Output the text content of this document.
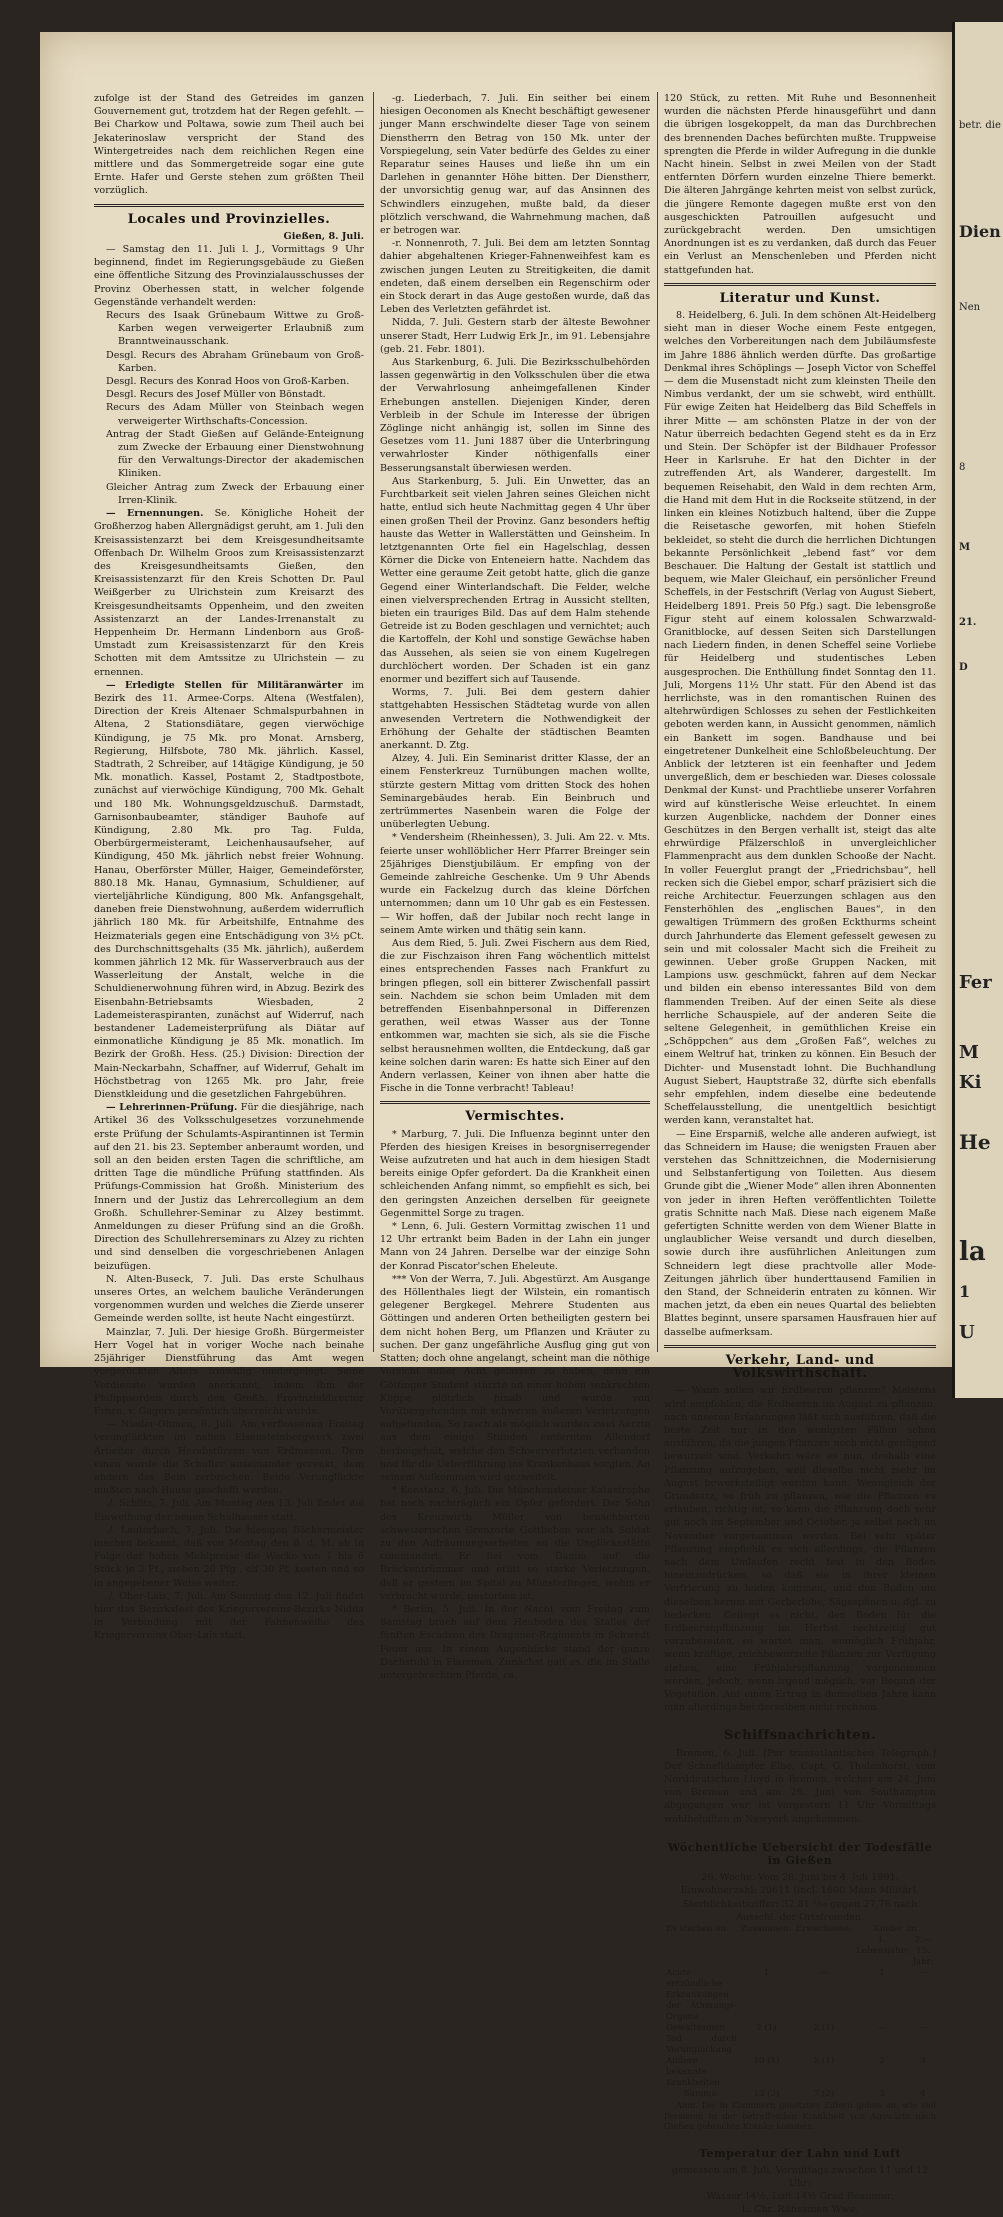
zufolge ist der Stand des Getreides im ganzen Gouvernement gut, trotzdem hat der Regen gefehlt. — Bei Charkow und Poltawa, sowie zum Theil auch bei Jekaterinoslaw verspricht der Stand des Wintergetreides nach dem reichlichen Regen eine mittlere und das Sommergetreide sogar eine gute Ernte. Hafer und Gerste stehen zum größten Theil vorzüglich.

Locales und Provinzielles.

Gießen, 8. Juli.

— Samstag den 11. Juli l. J., Vormittags 9 Uhr beginnend, findet im Regierungsgebäude zu Gießen eine öffentliche Sitzung des Provinzialausschusses der Provinz Oberhessen statt, in welcher folgende Gegenstände verhandelt werden:

Recurs des Isaak Grünebaum Wittwe zu Groß-Karben wegen verweigerter Erlaubniß zum Branntweinausschank.

Desgl. Recurs des Abraham Grünebaum von Groß-Karben.

Desgl. Recurs des Konrad Hoos von Groß-Karben.

Desgl. Recurs des Josef Müller von Bönstadt.

Recurs des Adam Müller von Steinbach wegen verweigerter Wirthschafts-Concession.

Antrag der Stadt Gießen auf Gelände-Enteignung zum Zwecke der Erbauung einer Dienstwohnung für den Verwaltungs-Director der akademischen Kliniken.

Gleicher Antrag zum Zweck der Erbauung einer Irren-Klinik.

— Ernennungen. Se. Königliche Hoheit der Großherzog haben Allergnädigst geruht, am 1. Juli den Kreisassistenzarzt bei dem Kreisgesundheitsamte Offenbach Dr. Wilhelm Groos zum Kreisassistenzarzt des Kreisgesundheitsamts Gießen, den Kreisassistenzarzt für den Kreis Schotten Dr. Paul Weißgerber zu Ulrichstein zum Kreisarzt des Kreisgesundheitsamts Oppenheim, und den zweiten Assistenzarzt an der Landes-Irrenanstalt zu Heppenheim Dr. Hermann Lindenborn aus Groß-Umstadt zum Kreisassistenzarzt für den Kreis Schotten mit dem Amtssitze zu Ulrichstein — zu ernennen.

— Erledigte Stellen für Militäranwärter im Bezirk des 11. Armee-Corps. Altena (Westfalen), Direction der Kreis Altenaer Schmalspurbahnen in Altena, 2 Stationsdiätare, gegen vierwöchige Kündigung, je 75 Mk. pro Monat. Arnsberg, Regierung, Hilfsbote, 780 Mk. jährlich. Kassel, Stadtrath, 2 Schreiber, auf 14tägige Kündigung, je 50 Mk. monatlich. Kassel, Postamt 2, Stadtpostbote, zunächst auf vierwöchige Kündigung, 700 Mk. Gehalt und 180 Mk. Wohnungsgeldzuschuß. Darmstadt, Garnisonbaubeamter, ständiger Bauhofe auf Kündigung, 2.80 Mk. pro Tag. Fulda, Oberbürgermeisteramt, Leichenhausaufseher, auf Kündigung, 450 Mk. jährlich nebst freier Wohnung. Hanau, Oberförster Müller, Haiger, Gemeindeförster, 880.18 Mk. Hanau, Gymnasium, Schuldiener, auf vierteljährliche Kündigung, 800 Mk. Anfangsgehalt, daneben freie Dienstwohnung, außerdem widerruflich jährlich 180 Mk. für Arbeitshilfe, Entnahme des Heizmaterials gegen eine Entschädigung von 3½ pCt. des Durchschnittsgehalts (35 Mk. jährlich), außerdem kommen jährlich 12 Mk. für Wasserverbrauch aus der Wasserleitung der Anstalt, welche in die Schuldienerwohnung führen wird, in Abzug. Bezirk des Eisenbahn-Betriebsamts Wiesbaden, 2 Lademeisteraspiranten, zunächst auf Widerruf, nach bestandener Lademeisterprüfung als Diätar auf einmonatliche Kündigung je 85 Mk. monatlich. Im Bezirk der Großh. Hess. (25.) Division: Direction der Main-Neckarbahn, Schaffner, auf Widerruf, Gehalt im Höchstbetrag von 1265 Mk. pro Jahr, freie Dienstkleidung und die gesetzlichen Fahrgebühren.

— Lehrerinnen-Prüfung. Für die diesjährige, nach Artikel 36 des Volksschulgesetzes vorzunehmende erste Prüfung der Schulamts-Aspirantinnen ist Termin auf den 21. bis 23. September anberaumt worden, und soll an den beiden ersten Tagen die schriftliche, am dritten Tage die mündliche Prüfung stattfinden. Als Prüfungs-Commission hat Großh. Ministerium des Innern und der Justiz das Lehrercollegium an dem Großh. Schullehrer-Seminar zu Alzey bestimmt. Anmeldungen zu dieser Prüfung sind an die Großh. Direction des Schullehrerseminars zu Alzey zu richten und sind denselben die vorgeschriebenen Anlagen beizufügen.

N. Alten-Buseck, 7. Juli. Das erste Schulhaus unseres Ortes, an welchem bauliche Veränderungen vorgenommen wurden und welches die Zierde unserer Gemeinde werden sollte, ist heute Nacht eingestürzt.

Mainzlar, 7. Juli. Der hiesige Großh. Bürgermeister Herr Vogel hat in voriger Woche nach beinahe 25jähriger Dienstführung das Amt wegen vorgerückten Alters freiwillig niedergelegt. Seine Verdienste wurden anerkannt, indem ihm der Philippsorden durch den Großh. Provinzialdirector Frhrn. v. Gagern persönlich überreicht wurde.

— Nieder-Ohmen, 6. Juli. Am verflossenen Freitag verunglückten im nahen Eisensteinbergwerk zwei Arbeiter durch Herabstürzen von Erdmassen. Dem einen wurde die Schulter auseinander gerenkt, dem andern das Bein zerbrochen. Beide Verunglückte mußten nach Hause geschafft werden.

./. Schlitz, 7. Juli. Am Montag den 13. Juli findet die Einweihung der neuen Schulhauses statt.

./. Lauterbach, 7. Juli. Die hiesigen Bäckermeister machen bekannt, daß von Montag den 6. d. M. ab in Folge der hohen Mehlpreise die Wecke von 1 bis 6 Stück je 3 Pf., sieben 20 Pfg., elf 30 Pf. kosten und so in angegebener Weise weiter.

./. Ober-Lais, 7. Juli. Am Sonntag den 12. Juli findet hier das Bezirksfest des Kriegervereins-Bezirks Nidda in Verbindung mit der Fahnenweihe des Kriegervereins Ober-Lais statt.

-g. Liederbach, 7. Juli. Ein seither bei einem hiesigen Oeconomen als Knecht beschäftigt gewesener junger Mann erschwindelte dieser Tage von seinem Dienstherrn den Betrag von 150 Mk. unter der Vorspiegelung, sein Vater bedürfe des Geldes zu einer Reparatur seines Hauses und ließe ihn um ein Darlehen in genannter Höhe bitten. Der Dienstherr, der unvorsichtig genug war, auf das Ansinnen des Schwindlers einzugehen, mußte bald, da dieser plötzlich verschwand, die Wahrnehmung machen, daß er betrogen war.

-r. Nonnenroth, 7. Juli. Bei dem am letzten Sonntag dahier abgehaltenen Krieger-Fahnenweihfest kam es zwischen jungen Leuten zu Streitigkeiten, die damit endeten, daß einem derselben ein Regenschirm oder ein Stock derart in das Auge gestoßen wurde, daß das Leben des Verletzten gefährdet ist.

Nidda, 7. Juli. Gestern starb der älteste Bewohner unserer Stadt, Herr Ludwig Erk Jr., im 91. Lebensjahre (geb. 21. Febr. 1801).

Aus Starkenburg, 6. Juli. Die Bezirksschulbehörden lassen gegenwärtig in den Volksschulen über die etwa der Verwahrlosung anheimgefallenen Kinder Erhebungen anstellen. Diejenigen Kinder, deren Verbleib in der Schule im Interesse der übrigen Zöglinge nicht anhängig ist, sollen im Sinne des Gesetzes vom 11. Juni 1887 über die Unterbringung verwahrloster Kinder nöthigenfalls einer Besserungsanstalt überwiesen werden.

Aus Starkenburg, 5. Juli. Ein Unwetter, das an Furchtbarkeit seit vielen Jahren seines Gleichen nicht hatte, entlud sich heute Nachmittag gegen 4 Uhr über einen großen Theil der Provinz. Ganz besonders heftig hauste das Wetter in Wallerstätten und Geinsheim. In letztgenannten Orte fiel ein Hagelschlag, dessen Körner die Dicke von Enteneiern hatte. Nachdem das Wetter eine geraume Zeit getobt hatte, glich die ganze Gegend einer Winterlandschaft. Die Felder, welche einen vielversprechenden Ertrag in Aussicht stellten, bieten ein trauriges Bild. Das auf dem Halm stehende Getreide ist zu Boden geschlagen und vernichtet; auch die Kartoffeln, der Kohl und sonstige Gewächse haben das Aussehen, als seien sie von einem Kugelregen durchlöchert worden. Der Schaden ist ein ganz enormer und beziffert sich auf Tausende.

Worms, 7. Juli. Bei dem gestern dahier stattgehabten Hessischen Städtetag wurde von allen anwesenden Vertretern die Nothwendigkeit der Erhöhung der Gehalte der städtischen Beamten anerkannt. D. Ztg.

Alzey, 4. Juli. Ein Seminarist dritter Klasse, der an einem Fensterkreuz Turnübungen machen wollte, stürzte gestern Mittag vom dritten Stock des hohen Seminargebäudes herab. Ein Beinbruch und zertrümmertes Nasenbein waren die Folge der unüberlegten Uebung.

* Vendersheim (Rheinhessen), 3. Juli. Am 22. v. Mts. feierte unser wohllöblicher Herr Pfarrer Breinger sein 25jähriges Dienstjubiläum. Er empfing von der Gemeinde zahlreiche Geschenke. Um 9 Uhr Abends wurde ein Fackelzug durch das kleine Dörfchen unternommen; dann um 10 Uhr gab es ein Festessen. — Wir hoffen, daß der Jubilar noch recht lange in seinem Amte wirken und thätig sein kann.

Aus dem Ried, 5. Juli. Zwei Fischern aus dem Ried, die zur Fischzaison ihren Fang wöchentlich mittelst eines entsprechenden Fasses nach Frankfurt zu bringen pflegen, soll ein bitterer Zwischenfall passirt sein. Nachdem sie schon beim Umladen mit dem betreffenden Eisenbahnpersonal in Differenzen gerathen, weil etwas Wasser aus der Tonne entkommen war, machten sie sich, als sie die Fische selbst herausnehmen wollten, die Entdeckung, daß gar keine solchen darin waren: Es hatte sich Einer auf den Andern verlassen, Keiner von ihnen aber hatte die Fische in die Tonne verbracht! Tableau!

Vermischtes.

* Marburg, 7. Juli. Die Influenza beginnt unter den Pferden des hiesigen Kreises in besorgniserregender Weise aufzutreten und hat auch in dem hiesigen Stadt bereits einige Opfer gefordert. Da die Krankheit einen schleichenden Anfang nimmt, so empfiehlt es sich, bei den geringsten Anzeichen derselben für geeignete Gegenmittel Sorge zu tragen.

* Lenn, 6. Juli. Gestern Vormittag zwischen 11 und 12 Uhr ertrankt beim Baden in der Lahn ein junger Mann von 24 Jahren. Derselbe war der einzige Sohn der Konrad Piscator'schen Eheleute.

*** Von der Werra, 7. Juli. Abgestürzt. Am Ausgange des Höllenthales liegt der Wilstein, ein romantisch gelegener Bergkegel. Mehrere Studenten aus Göttingen und anderen Orten betheiligten gestern bei dem nicht hohen Berg, um Pflanzen und Kräuter zu suchen. Der ganz ungefährliche Ausflug ging gut von Statten; doch ohne angelangt, scheint man die nöthige Vorsicht außer Acht gelassen zu haben, denn ein Göttinger Student stürzte an einer hohen senkrechten Klippe plötzlich hinab und wurde von Vorübergehenden mit schweren äußeren Verletzungen aufgefunden. So rasch als möglich wurden zwei Aerzte aus dem einige Stunden entfernten Allendorf herbeigeholt, welche den Schwerverletzten verbanden und für die Ueberführung ins Krankenhaus sorgten. An seinem Aufkommen wird gezweifelt.

* Konstanz, 6. Juli. Die Münchensteiner Katastrophe hat noch nachträglich ein Opfer gefordert. Der Sohn des Kreuzwirth Müller von benachbarten schweizerischen Grenzorte Gottlieben war als Soldat zu den Aufräumungsarbeiten an die Unglücksstätte commandirt. Er fiel vom Damm auf die Brückentrümmer und erlitt so starke Verletzungen, daß er gestern im Spital zu Münsterlingen, wohin er verbracht wurde, gestorben ist.

* Berlin, 5. Juli. In der Nacht vom Freitag zum Samstag brach auf dem Heuboden des Stalles der fünften Escadron des Dragoner-Regiments in Schwedt Feuer aus. In einem Augenblicke stand der ganze Dachstuhl in Flammen. Zunächst galt es, die im Stalle untergebrachten Pferde, ca.

120 Stück, zu retten. Mit Ruhe und Besonnenheit wurden die nächsten Pferde hinausgeführt und dann die übrigen losgekoppelt, da man das Durchbrechen des brennenden Daches befürchten mußte. Truppweise sprengten die Pferde in wilder Aufregung in die dunkle Nacht hinein. Selbst in zwei Meilen von der Stadt entfernten Dörfern wurden einzelne Thiere bemerkt. Die älteren Jahrgänge kehrten meist von selbst zurück, die jüngere Remonte dagegen mußte erst von den ausgeschickten Patrouillen aufgesucht und zurückgebracht werden. Den umsichtigen Anordnungen ist es zu verdanken, daß durch das Feuer ein Verlust an Menschenleben und Pferden nicht stattgefunden hat.

Literatur und Kunst.

8. Heidelberg, 6. Juli. In dem schönen Alt-Heidelberg sieht man in dieser Woche einem Feste entgegen, welches den Vorbereitungen nach dem Jubiläumsfeste im Jahre 1886 ähnlich werden dürfte. Das großartige Denkmal ihres Schöplings — Joseph Victor von Scheffel — dem die Musenstadt nicht zum kleinsten Theile den Nimbus verdankt, der um sie schwebt, wird enthüllt. Für ewige Zeiten hat Heidelberg das Bild Scheffels in ihrer Mitte — am schönsten Platze in der von der Natur überreich bedachten Gegend steht es da in Erz und Stein. Der Schöpfer ist der Bildhauer Professor Heer in Karlsruhe. Er hat den Dichter in der zutreffenden Art, als Wanderer, dargestellt. Im bequemen Reisehabit, den Wald in dem rechten Arm, die Hand mit dem Hut in die Rockseite stützend, in der linken ein kleines Notizbuch haltend, über die Zuppe die Reisetasche geworfen, mit hohen Stiefeln bekleidet, so steht die durch die herrlichen Dichtungen bekannte Persönlichkeit „lebend fast“ vor dem Beschauer. Die Haltung der Gestalt ist stattlich und bequem, wie Maler Gleichauf, ein persönlicher Freund Scheffels, in der Festschrift (Verlag von August Siebert, Heidelberg 1891. Preis 50 Pfg.) sagt. Die lebensgroße Figur steht auf einem kolossalen Schwarzwald-Granitblocke, auf dessen Seiten sich Darstellungen nach Liedern finden, in denen Scheffel seine Vorliebe für Heidelberg und studentisches Leben ausgesprochen. Die Enthüllung findet Sonntag den 11. Juli, Morgens 11½ Uhr statt. Für den Abend ist das herrlichste, was in den romantischen Ruinen des altehrwürdigen Schlosses zu sehen der Festlichkeiten geboten werden kann, in Aussicht genommen, nämlich ein Bankett im sogen. Bandhause und bei eingetretener Dunkelheit eine Schloßbeleuchtung. Der Anblick der letzteren ist ein feenhafter und Jedem unvergeßlich, dem er beschieden war. Dieses colossale Denkmal der Kunst- und Prachtliebe unserer Vorfahren wird auf künstlerische Weise erleuchtet. In einem kurzen Augenblicke, nachdem der Donner eines Geschützes in den Bergen verhallt ist, steigt das alte ehrwürdige Pfälzerschloß in unvergleichlicher Flammenpracht aus dem dunklen Schooße der Nacht. In voller Feuerglut prangt der „Friedrichsbau“, hell recken sich die Giebel empor, scharf präzisiert sich die reiche Architectur. Feuerzungen schlagen aus den Fensterhöhlen des „englischen Baues“, in den gewaltigen Trümmern des großen Eckthurms scheint durch Jahrhunderte das Element gefesselt gewesen zu sein und mit colossaler Macht sich die Freiheit zu gewinnen. Ueber große Gruppen Nacken, mit Lampions usw. geschmückt, fahren auf dem Neckar und bilden ein ebenso interessantes Bild von dem flammenden Treiben. Auf der einen Seite als diese herrliche Schauspiele, auf der anderen Seite die seltene Gelegenheit, in gemüthlichen Kreise ein „Schöppchen“ aus dem „Großen Faß“, welches zu einem Weltruf hat, trinken zu können. Ein Besuch der Dichter- und Musenstadt lohnt. Die Buchhandlung August Siebert, Hauptstraße 32, dürfte sich ebenfalls sehr empfehlen, indem dieselbe eine bedeutende Scheffelausstellung, die unentgeltlich besichtigt werden kann, veranstaltet hat.

— Eine Ersparniß, welche alle anderen aufwiegt, ist das Schneidern im Hause; die wenigsten Frauen aber verstehen das Schnittzeichnen, die Modernisierung und Selbstanfertigung von Toiletten. Aus diesem Grunde gibt die „Wiener Mode“ allen ihren Abonnenten von jeder in ihren Heften veröffentlichten Toilette gratis Schnitte nach Maß. Diese nach eigenem Maße gefertigten Schnitte werden von dem Wiener Blatte in unglaublicher Weise versandt und durch dieselben, sowie durch ihre ausführlichen Anleitungen zum Schneidern legt diese prachtvolle aller Mode-Zeitungen jährlich über hunderttausend Familien in den Stand, der Schneiderin entraten zu können. Wir machen jetzt, da eben ein neues Quartal des beliebten Blattes beginnt, unsere sparsamen Hausfrauen hier auf dasselbe aufmerksam.

Verkehr, Land- und Volkswirthschaft.

— Wann sollen wir Erdbeeren pflanzen? Meistens wird empfohlen, die Erdbeeren im August zu pflanzen, nach unseren Erfahrungen läßt sich ausführen, daß die beste Zeit nur in den wenigsten Fällen schon ausführen, da die jungen Pflanzen noch nicht genügend bewurzelt sind. Verkehrt wäre es nun, deshalb eine Pflanzung aufzugeben, weil dieselbe nicht mehr im August bewerkstelligt werden kann. Wenngleich der Grundsatz, so früh zu pflanzen, wie die Pflanzen es erlauben, richtig ist, so kann die Pflanzung doch sehr gut noch im September und October, ja selbst noch im November vorgenommen werden. Bei sehr später Pflanzung empfiehlt es sich allerdings, die Pflanzen nach dem Umlaufen recht fest in den Boden hineinzudrücken, so daß sie in ihrer kleinen Verfrierung zu leiden kommen, und den Boden um dieselben herum mit Gerberlohe, Sägespänen u. dgl. zu bedecken. Gelingt es nicht, den Boden für die Erdbeeranpflanzung im Herbst rechtzeitig gut vorzubereiten, so wartet man, womöglich Frühjahr, wenn kräftige, reichbewurzelte Pflanzen zur Verfügung stehen, eine Frühjahrspflanzung vorgenommen werden, jedoch, wenn irgend möglich, vor Beginn der Vegetation. Auf einen Ertrag in demselben Jahre kann man allerdings bei derselben nicht rechnen.

Schiffsnachrichten.

Bremen, 6. Juli. [Per transatlantischen Telegraph.] Der Schnelldampfer Elbe, Capt. G. Thalenhorst, vom Norddeutschen Lloyd in Bremen, welcher am 24. Juni von Bremen und am 26. Juni von Southampton abgegangen war, ist vorgestern 11 Uhr Vormittags wohlbehalten in Newyork angekommen.

Wöchentliche Uebersicht der Todesfälle in Gießen

26. Woche. Vom 28. Juni bis 4. Juli 1891.

Einwohnerzahl: 20611 (incl. 1600 Mann Militär).

Sterblichkeitsziffer: 32,81 ⁰/₀₀ gegen 27,76 nach Ausschl. der Ortsfremden.

Es starben an:	Zusammen:	Erwachsene:	Kinder im	
			1. Lebensjahr:	2.—15. Jahr:
Acute entzündliche Erkrankungen der Athmungs-Organe	1	—	1	—
Gewaltsamen Tod durch Verunglückung	2 (1)	2 (1)	—	—
Andere bekannte Krankheiten	10 (1)	5 (1)	2	3
Summa:	13 (2)	7 (2)	3	4

Anm. Die in Klammern gesetzten Ziffern geben an, wie viel Personen in der betreffenden Krankheit von Auswärts nach Gießen gebrachte Kranke kommen.

Temperatur der Lahn und Luft

gemessen am 8. Juli, Vormittags zwischen 11 und 12 Uhr:

Wasser 14½, Luft 14½ Grad Reaumur.

L. Chr. Rühsamen Wwe.

betr. die
Dien
Nen
8
M
21.
D
Fer
M
Ki
He
la
1
U
